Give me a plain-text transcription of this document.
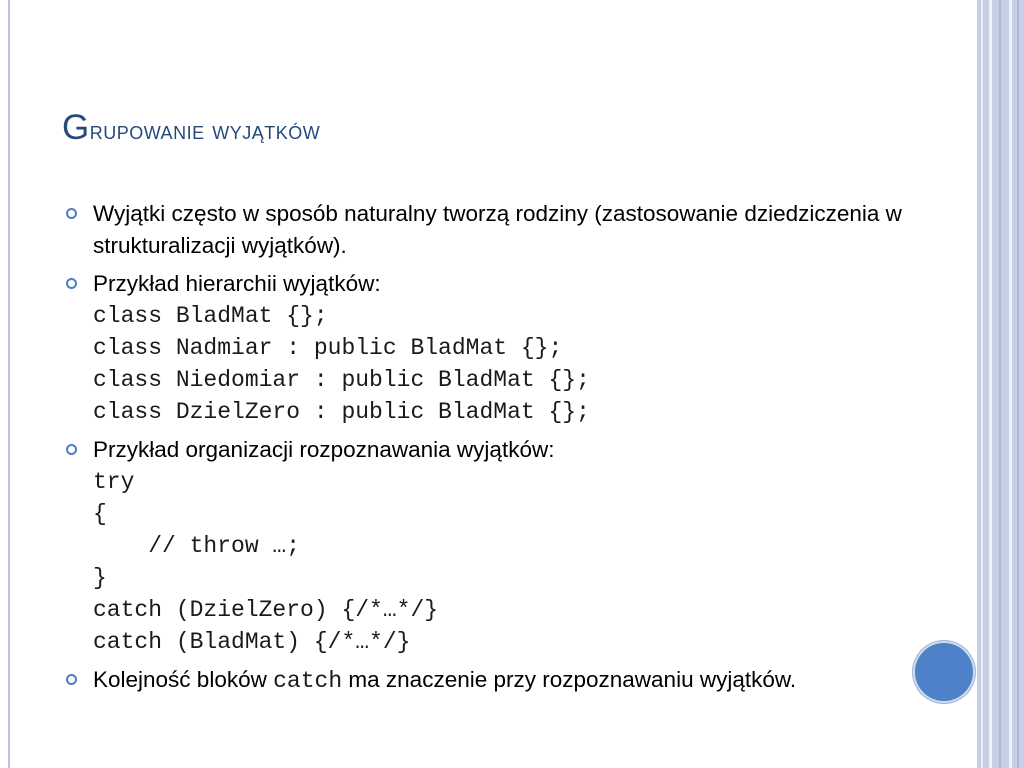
Grupowanie wyjątków
Wyjątki często w sposób naturalny tworzą rodziny (zastosowanie dziedziczenia w strukturalizacji wyjątków).
Przykład hierarchii wyjątków:
class BladMat {};
class Nadmiar : public BladMat {};
class Niedomiar : public BladMat {};
class DzielZero : public BladMat {};
Przykład organizacji rozpoznawania wyjątków:
try
{
// throw …;
}
catch (DzielZero) {/*…*/}
catch (BladMat) {/*…*/}
Kolejność bloków catch ma znaczenie przy rozpoznawaniu wyjątków.
